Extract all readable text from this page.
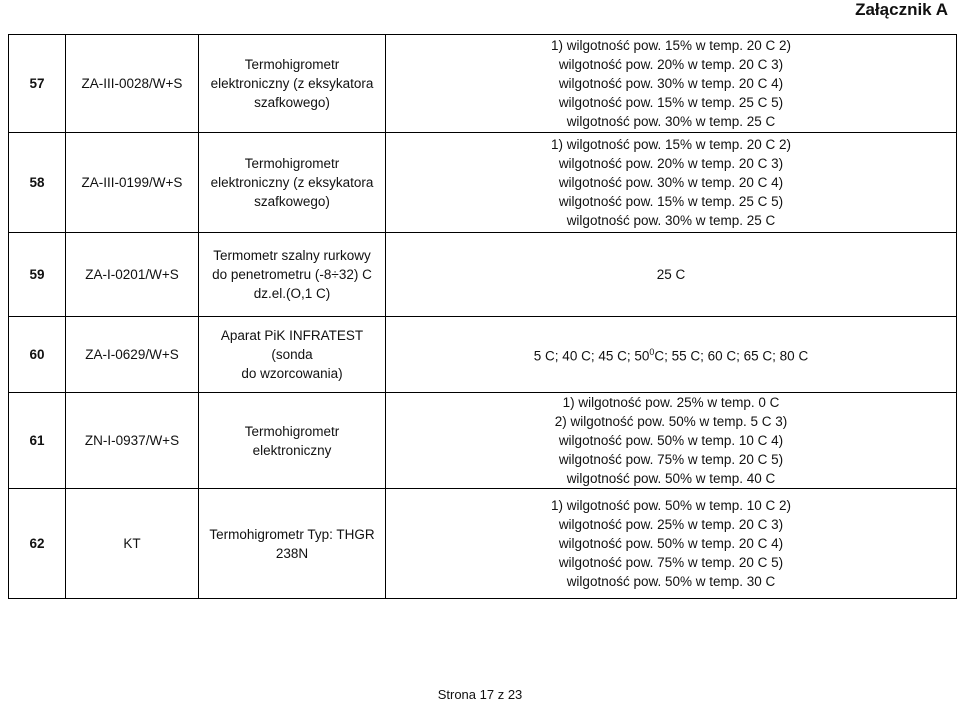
Załącznik A
57	ZA-III-0028/W+S	Termohigrometr
elektroniczny (z eksykatora
szafkowego)	1) wilgotność pow. 15% w temp. 20 C 2)
wilgotność pow. 20% w temp. 20 C 3)
wilgotność pow. 30% w temp. 20 C 4)
wilgotność pow. 15% w temp. 25 C 5)
wilgotność pow. 30% w temp. 25 C
58	ZA-III-0199/W+S	Termohigrometr
elektroniczny (z eksykatora
szafkowego)	1) wilgotność pow. 15% w temp. 20 C 2)
wilgotność pow. 20% w temp. 20 C 3)
wilgotność pow. 30% w temp. 20 C 4)
wilgotność pow. 15% w temp. 25 C 5)
wilgotność pow. 30% w temp. 25 C
59	ZA-I-0201/W+S	Termometr szalny rurkowy
do penetrometru (-8÷32) C
dz.el.(O,1 C)	25 C
60	ZA-I-0629/W+S	Aparat PiK INFRATEST (sonda
do wzorcowania)	5 C; 40 C; 45 C; $50^0C$; 55 C; 60 C; 65 C; 80 C
61	ZN-I-0937/W+S	Termohigrometr
elektroniczny	1) wilgotność pow. 25% w temp. 0 C
2) wilgotność pow. 50% w temp. 5 C 3)
wilgotność pow. 50% w temp. 10 C 4)
wilgotność pow. 75% w temp. 20 C 5)
wilgotność pow. 50% w temp. 40 C
62	KT	Termohigrometr Typ: THGR
238N	1) wilgotność pow. 50% w temp. 10 C 2)
wilgotność pow. 25% w temp. 20 C 3)
wilgotność pow. 50% w temp. 20 C 4)
wilgotność pow. 75% w temp. 20 C 5)
wilgotność pow. 50% w temp. 30 C
Strona 17 z 23
